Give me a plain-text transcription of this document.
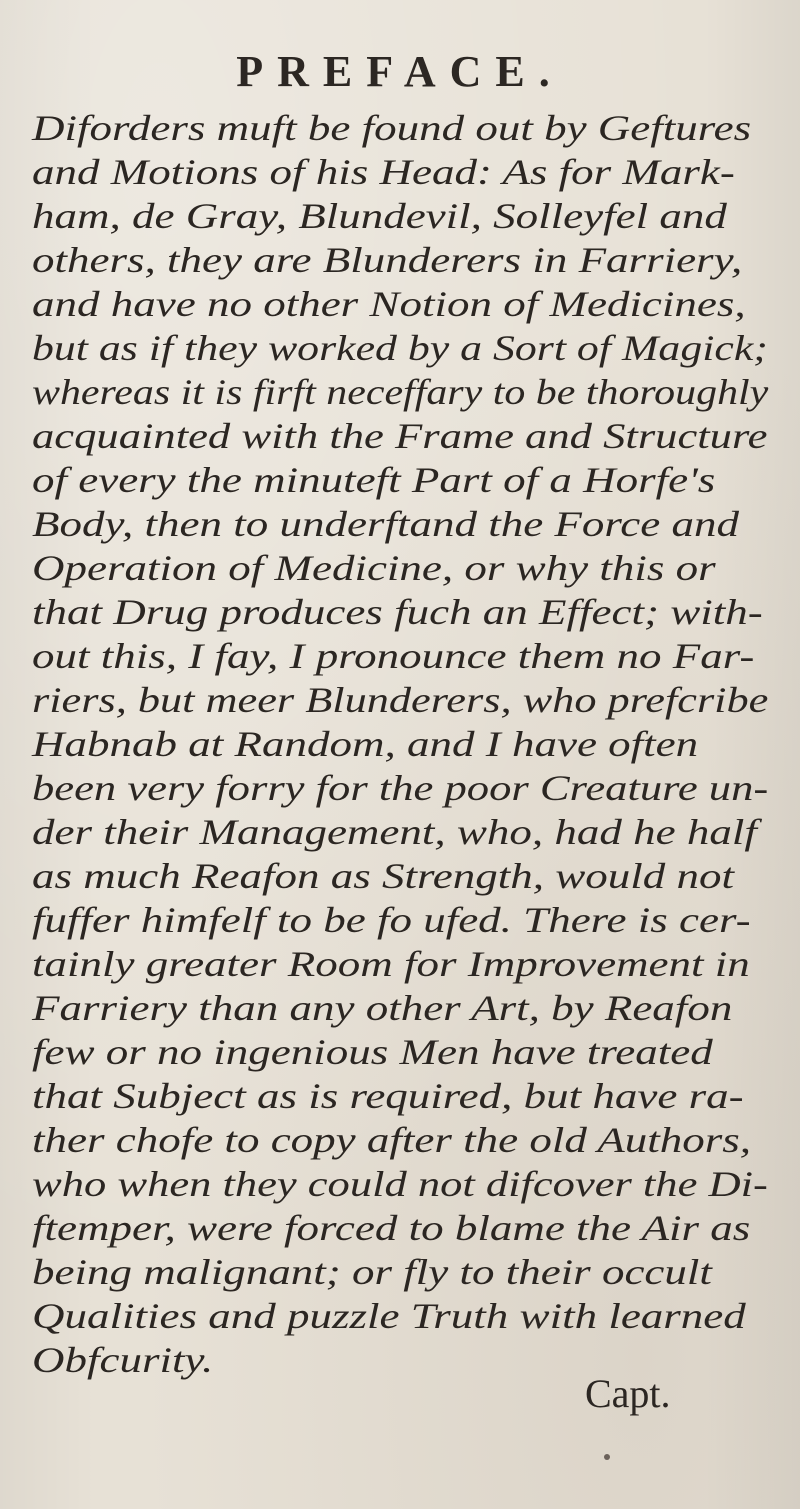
PREFACE.
Diforders muft be found out by Geftures
and Motions of his Head: As for Mark-
ham, de Gray, Blundevil, Solleyfel and
others, they are Blunderers in Farriery,
and have no other Notion of Medicines,
but as if they worked by a Sort of Magick;
whereas it is firft neceffary to be thoroughly
acquainted with the Frame and Structure
of every the minuteft Part of a Horfe's
Body, then to underftand the Force and
Operation of Medicine, or why this or
that Drug produces fuch an Effect; with-
out this, I fay, I pronounce them no Far-
riers, but meer Blunderers, who prefcribe
Habnab at Random, and I have often
been very forry for the poor Creature un-
der their Management, who, had he half
as much Reafon as Strength, would not
fuffer himfelf to be fo ufed. There is cer-
tainly greater Room for Improvement in
Farriery than any other Art, by Reafon
few or no ingenious Men have treated
that Subject as is required, but have ra-
ther chofe to copy after the old Authors,
who when they could not difcover the Di-
ftemper, were forced to blame the Air as
being malignant; or fly to their occult
Qualities and puzzle Truth with learned
Obfcurity.
Capt.
